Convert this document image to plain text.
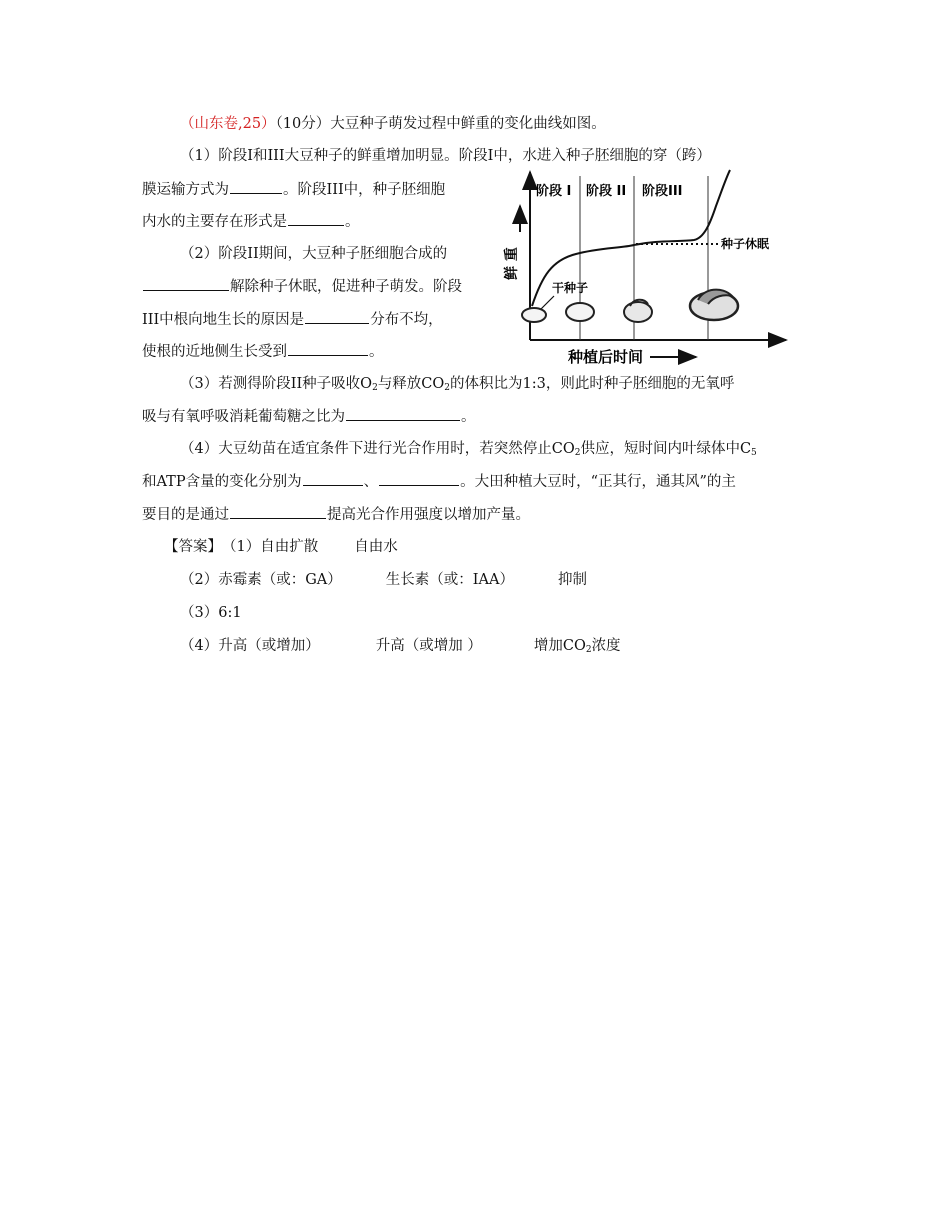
（山东卷,25）（10分）大豆种子萌发过程中鲜重的变化曲线如图。
（1）阶段I和III大豆种子的鲜重增加明显。阶段I中，水进入种子胚细胞的穿（跨）
膜运输方式为	。阶段III中，种子胚细胞
内水的主要存在形式是	。
（2）阶段II期间，大豆种子胚细胞合成的
解除种子休眠，促进种子萌发。阶段
III中根向地生长的原因是	分布不均，
使根的近地侧生长受到	。
（3）若测得阶段II种子吸收$O_2$与释放$CO_2$的体积比为1:3，则此时种子胚细胞的无氧呼
吸与有氧呼吸消耗葡萄糖之比为	。
（4）大豆幼苗在适宜条件下进行光合作用时，若突然停止$CO_2$供应，短时间内叶绿体中$C_5$
和ATP含量的变化分别为	、	。大田种植大豆时，“正其行，通其风”的主
要目的是通过	提高光合作用强度以增加产量。
【答案】（1）自由扩散 自由水
（2）赤霉素（或：GA）	生长素（或：IAA）	抑制
（3）6:1
（4）升高（或增加）	升高（或增加 ）	增加$CO_2$浓度
阶段 I 阶段 II 阶段III
鲜 重
种子休眠
干种子
种植后时间
